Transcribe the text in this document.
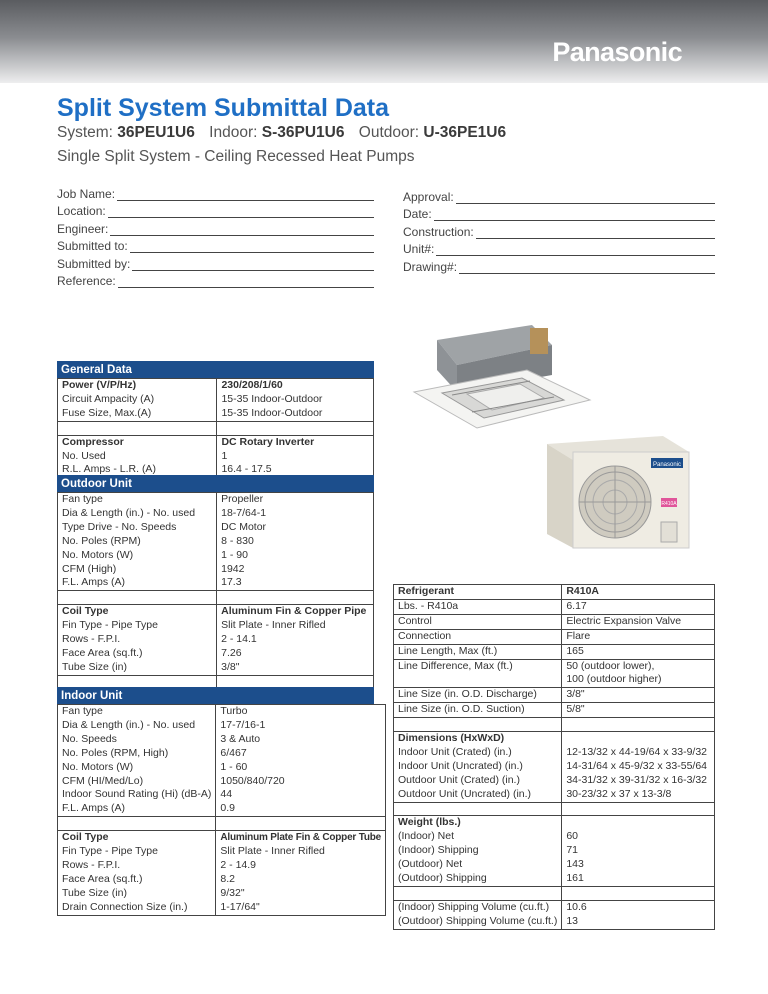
Panasonic
Split System Submittal Data
System: 36PEU1U6 Indoor: S-36PU1U6 Outdoor: U-36PE1U6
Single Split System - Ceiling Recessed Heat Pumps
Job Name:
Location:
Engineer:
Submitted to:
Submitted by:
Reference:
Approval:
Date:
Construction:
Unit#:
Drawing#:
Panasonic
R410A
General Data
Power (V/P/Hz)	230/208/1/60
Circuit Ampacity (A)	15-35 Indoor-Outdoor
Fuse Size, Max.(A)	15-35 Indoor-Outdoor

Compressor	DC Rotary Inverter
No. Used	1
R.L. Amps - L.R. (A)	16.4 - 17.5
Outdoor Unit
Fan type	Propeller
Dia & Length (in.) - No. used	18-7/64-1
Type Drive - No. Speeds	DC Motor
No. Poles (RPM)	8 - 830
No. Motors (W)	1 - 90
CFM (High)	1942
F.L. Amps (A)	17.3

Coil Type	Aluminum Fin & Copper Pipe
Fin Type - Pipe Type	Slit Plate - Inner Rifled
Rows - F.P.I.	2 - 14.1
Face Area (sq.ft.)	7.26
Tube Size (in)	3/8"

Indoor Unit
Fan type	Turbo
Dia & Length (in.) - No. used	17-7/16-1
No. Speeds	3 & Auto
No. Poles (RPM, High)	6/467
No. Motors (W)	1 - 60
CFM (HI/Med/Lo)	1050/840/720
Indoor Sound Rating (Hi) (dB-A)	44
F.L. Amps (A)	0.9

Coil Type	Aluminum Plate Fin & Copper Tube
Fin Type - Pipe Type	Slit Plate - Inner Rifled
Rows - F.P.I.	2 - 14.9
Face Area (sq.ft.)	8.2
Tube Size (in)	9/32"
Drain Connection Size (in.)	1-17/64"
Refrigerant	R410A
Lbs. - R410a	6.17
Control	Electric Expansion Valve
Connection	Flare
Line Length, Max (ft.)	165
Line Difference, Max (ft.)	50 (outdoor lower),
	100 (outdoor higher)
Line Size (in. O.D. Discharge)	3/8"
Line Size (in. O.D. Suction)	5/8"

Dimensions (HxWxD)	
Indoor Unit (Crated) (in.)	12-13/32 x 44-19/64 x 33-9/32
Indoor Unit (Uncrated) (in.)	14-31/64 x 45-9/32 x 33-55/64
Outdoor Unit (Crated) (in.)	34-31/32 x 39-31/32 x 16-3/32
Outdoor Unit (Uncrated) (in.)	30-23/32 x 37 x 13-3/8

Weight (lbs.)	
(Indoor) Net	60
(Indoor) Shipping	71
(Outdoor) Net	143
(Outdoor) Shipping	161

(Indoor) Shipping Volume (cu.ft.)	10.6
(Outdoor) Shipping Volume (cu.ft.)	13
